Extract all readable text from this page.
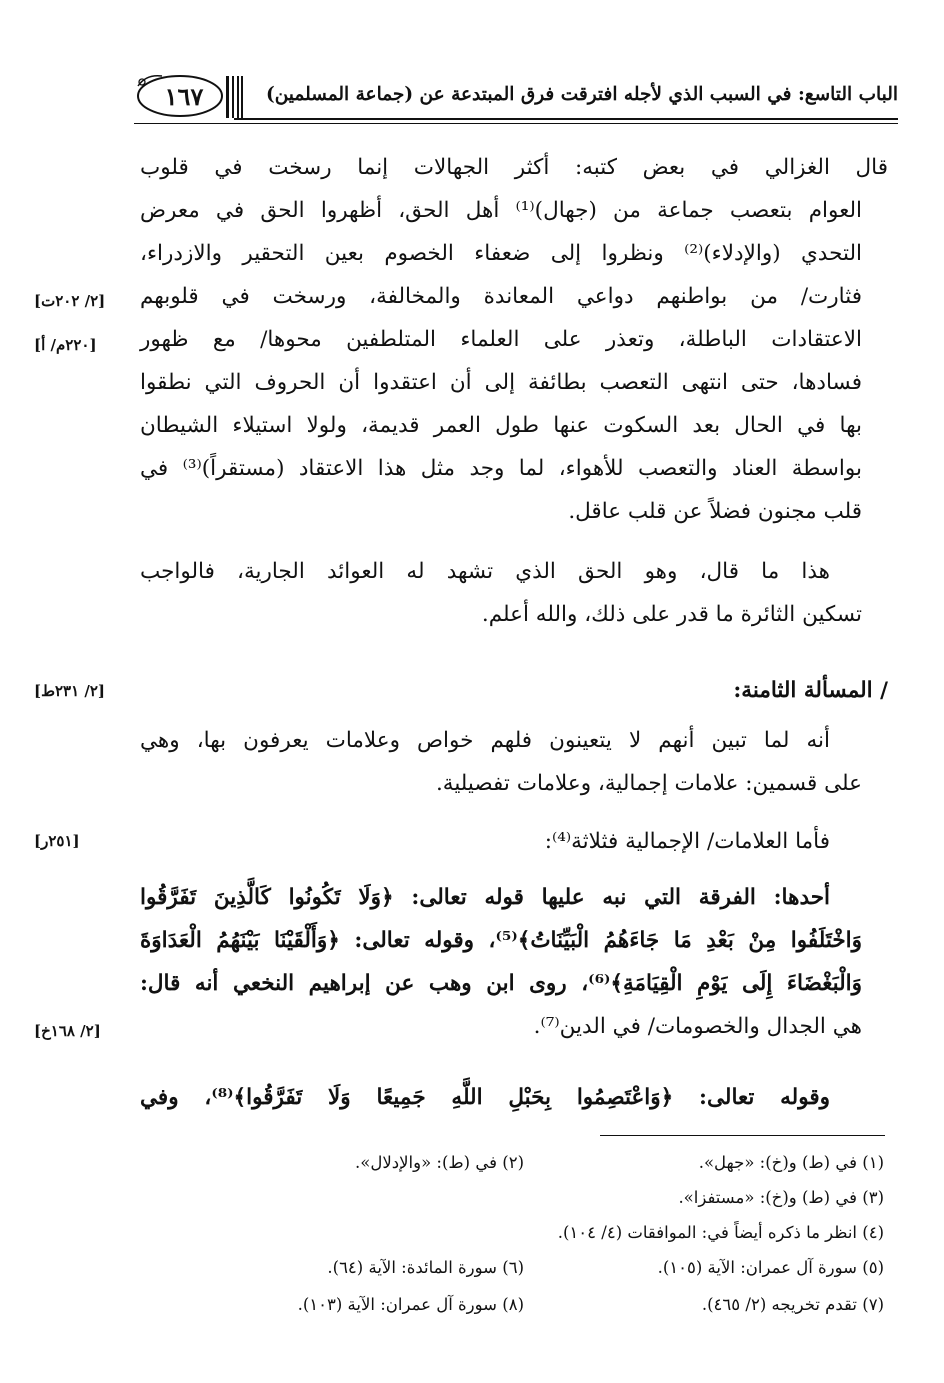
١٦٧	الباب التاسع: في السبب الذي لأجله افترقت فرق المبتدعة عن (جماعة المسلمين)
قال الغزالي في بعض كتبه: أكثر الجهالات إنما رسخت في قلوب
العوام بتعصب جماعة من (جهال)⁽¹⁾ أهل الحق، أظهروا الحق في معرض
التحدي (والإدلاء)⁽²⁾ ونظروا إلى ضعفاء الخصوم بعين التحقير والازدراء،
فثارت/ من بواطنهم دواعي المعاندة والمخالفة، ورسخت في قلوبهم
الاعتقادات الباطلة، وتعذر على العلماء المتلطفين محوها/ مع ظهور
فسادها، حتى انتهى التعصب بطائفة إلى أن اعتقدوا أن الحروف التي نطقوا
بها في الحال بعد السكوت عنها طول العمر قديمة، ولولا استيلاء الشيطان
بواسطة العناد والتعصب للأهواء، لما وجد مثل هذا الاعتقاد (مستقراً)⁽³⁾ في
قلب مجنون فضلاً عن قلب عاقل.
هذا ما قال، وهو الحق الذي تشهد له العوائد الجارية، فالواجب
تسكين الثائرة ما قدر على ذلك، والله أعلم.
/ المسألة الثامنة:
أنه لما تبين أنهم لا يتعينون فلهم خواص وعلامات يعرفون بها، وهي
على قسمين: علامات إجمالية، وعلامات تفصيلية.
فأما العلامات/ الإجمالية فثلاثة⁽⁴⁾:
أحدها: الفرقة التي نبه عليها قوله تعالى: ﴿وَلَا تَكُونُوا كَالَّذِينَ تَفَرَّقُوا
وَاخْتَلَفُوا مِنْ بَعْدِ مَا جَاءَهُمُ الْبَيِّنَاتُ﴾⁽⁵⁾، وقوله تعالى: ﴿وَأَلْقَيْنَا بَيْنَهُمُ الْعَدَاوَةَ
وَالْبَغْضَاءَ إِلَى يَوْمِ الْقِيَامَةِ﴾⁽⁶⁾، روى ابن وهب عن إبراهيم النخعي أنه قال:
هي الجدال والخصومات/ في الدين⁽⁷⁾.
وقوله تعالى: ﴿وَاعْتَصِمُوا بِحَبْلِ اللَّهِ جَمِيعًا وَلَا تَفَرَّقُوا﴾⁽⁸⁾، وفي
[٢/ ٢٠٢ت]
[٢٢٠م/ أ]
[٢/ ٢٣١ط]
[٢٥١ر]
[٢/ ١٦٨خ]
(١) في (ط) و(خ): «جهل».
(٢) في (ط): «والإدلال».
(٣) في (ط) و(خ): «مستفزا».
(٤) انظر ما ذكره أيضاً في: الموافقات (٤/ ١٠٤).
(٥) سورة آل عمران: الآية (١٠٥).
(٦) سورة المائدة: الآية (٦٤).
(٧) تقدم تخريجه (٢/ ٤٦٥).
(٨) سورة آل عمران: الآية (١٠٣).
